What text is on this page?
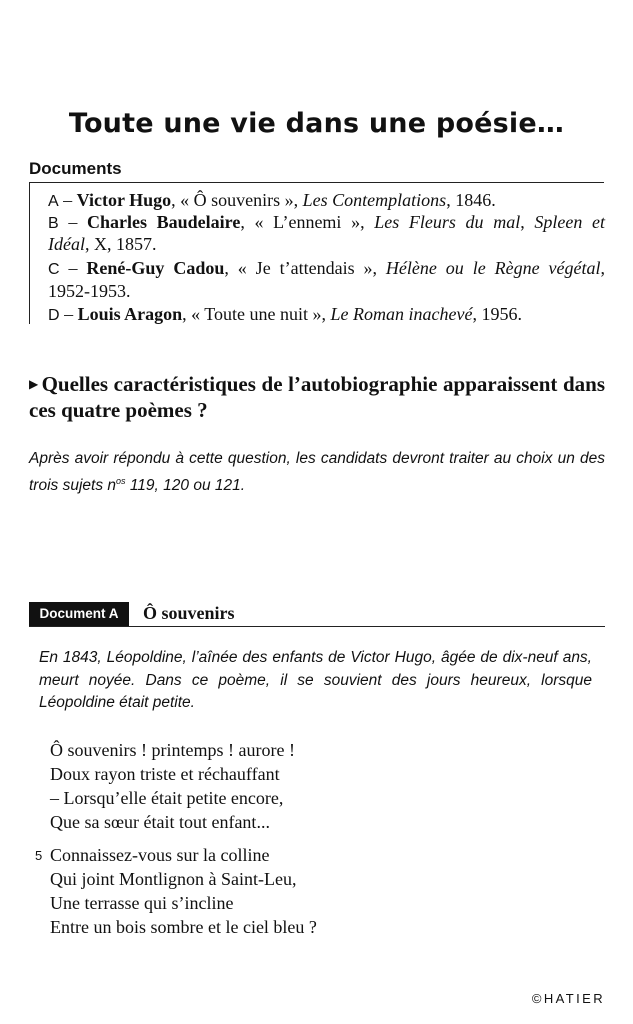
Toute une vie dans une poésie…
Documents
A – Victor Hugo, « Ô souvenirs », Les Contemplations, 1846.
B – Charles Baudelaire, « L’ennemi », Les Fleurs du mal, Spleen et
Idéal, X, 1857.
C – René-Guy Cadou, « Je t’attendais », Hélène ou le Règne végétal,
1952-1953.
D – Louis Aragon, « Toute une nuit », Le Roman inachevé, 1956.
▶ Quelles caractéristiques de l’autobiographie apparaissent dans ces quatre poèmes ?
Après avoir répondu à cette question, les candidats devront traiter au choix un des trois sujets $n^{os}$ 119, 120 ou 121.
Document A	Ô souvenirs
En 1843, Léopoldine, l’aînée des enfants de Victor Hugo, âgée de dix-neuf ans, meurt noyée. Dans ce poème, il se souvient des jours heureux, lorsque Léopoldine était petite.
Ô souvenirs ! printemps ! aurore !
Doux rayon triste et réchauffant
– Lorsqu’elle était petite encore,
Que sa sœur était tout enfant...
5 Connaissez-vous sur la colline
Qui joint Montlignon à Saint-Leu,
Une terrasse qui s’incline
Entre un bois sombre et le ciel bleu ?
©HATIER
